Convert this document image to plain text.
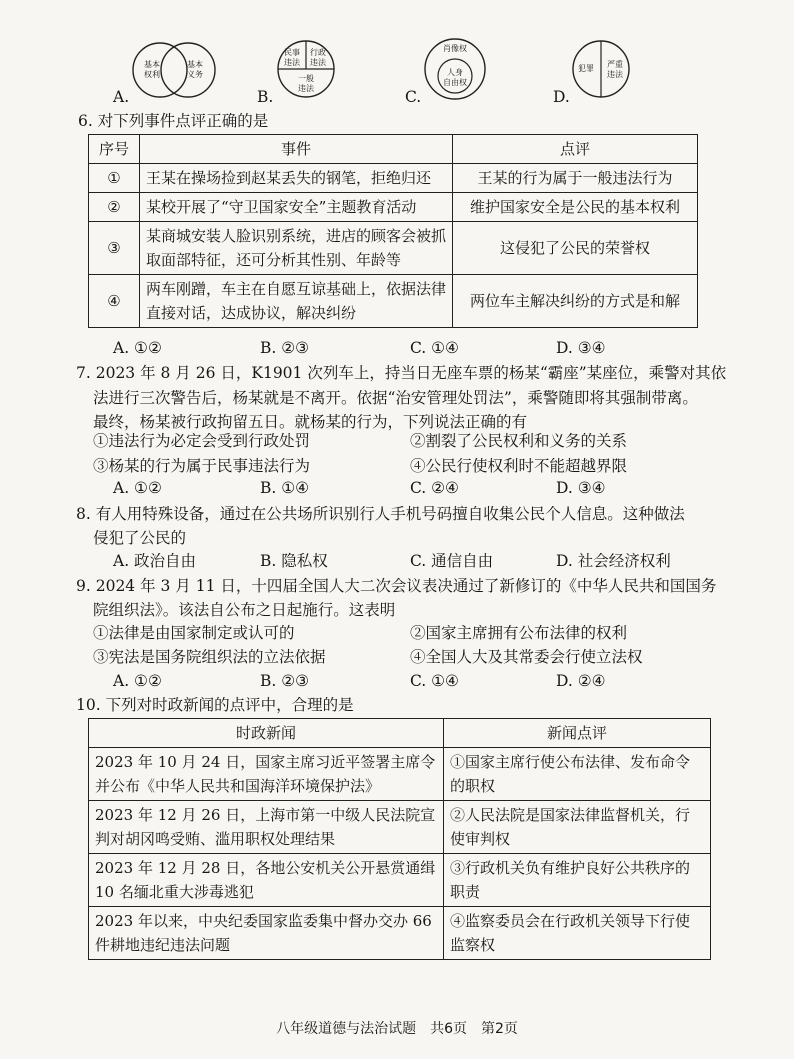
A.
基本
权利
基本
义务
B.
民事
违法
行政
违法
一般
违法	C.
肖像权
人身
自由权
D.
犯罪	严重
违法
6. 对下列事件点评正确的是
序号	事件	点评
①	王某在操场捡到赵某丢失的钢笔，拒绝归还	王某的行为属于一般违法行为
②	某校开展了“守卫国家安全”主题教育活动	维护国家安全是公民的基本权利
③	某商城安装人脸识别系统，进店的顾客会被抓取面部特征，还可分析其性别、年龄等	这侵犯了公民的荣誉权
④	两车刚蹭，车主在自愿互谅基础上，依据法律直接对话，达成协议，解决纠纷	两位车主解决纠纷的方式是和解
A. ①②	B. ②③	C. ①④	D. ③④
7. 2023 年 8 月 26 日，K1901 次列车上，持当日无座车票的杨某“霸座”某座位，乘警对其依
法进行三次警告后，杨某就是不离开。依据“治安管理处罚法”，乘警随即将其强制带离。
最终，杨某被行政拘留五日。就杨某的行为，下列说法正确的有
①违法行为必定会受到行政处罚	②割裂了公民权利和义务的关系
③杨某的行为属于民事违法行为	④公民行使权利时不能超越界限
A. ①②	B. ①④	C. ②④	D. ③④
8. 有人用特殊设备，通过在公共场所识别行人手机号码擅自收集公民个人信息。这种做法
侵犯了公民的
A. 政治自由	B. 隐私权	C. 通信自由	D. 社会经济权利
9. 2024 年 3 月 11 日，十四届全国人大二次会议表决通过了新修订的《中华人民共和国国务
院组织法》。该法自公布之日起施行。这表明
①法律是由国家制定或认可的	②国家主席拥有公布法律的权利
③宪法是国务院组织法的立法依据	④全国人大及其常委会行使立法权
A. ①②	B. ②③	C. ①④	D. ②④
10. 下列对时政新闻的点评中，合理的是
时政新闻	新闻点评
2023 年 10 月 24 日，国家主席习近平签署主席令并公布《中华人民共和国海洋环境保护法》	①国家主席行使公布法律、发布命令的职权
2023 年 12 月 26 日，上海市第一中级人民法院宣判对胡冈鸣受贿、滥用职权处理结果	②人民法院是国家法律监督机关，行使审判权
2023 年 12 月 28 日，各地公安机关公开悬赏通缉 10 名缅北重大涉毒逃犯	③行政机关负有维护良好公共秩序的职责
2023 年以来，中央纪委国家监委集中督办交办 66 件耕地违纪违法问题	④监察委员会在行政机关领导下行使监察权
八年级道德与法治试题　共6页　第2页
